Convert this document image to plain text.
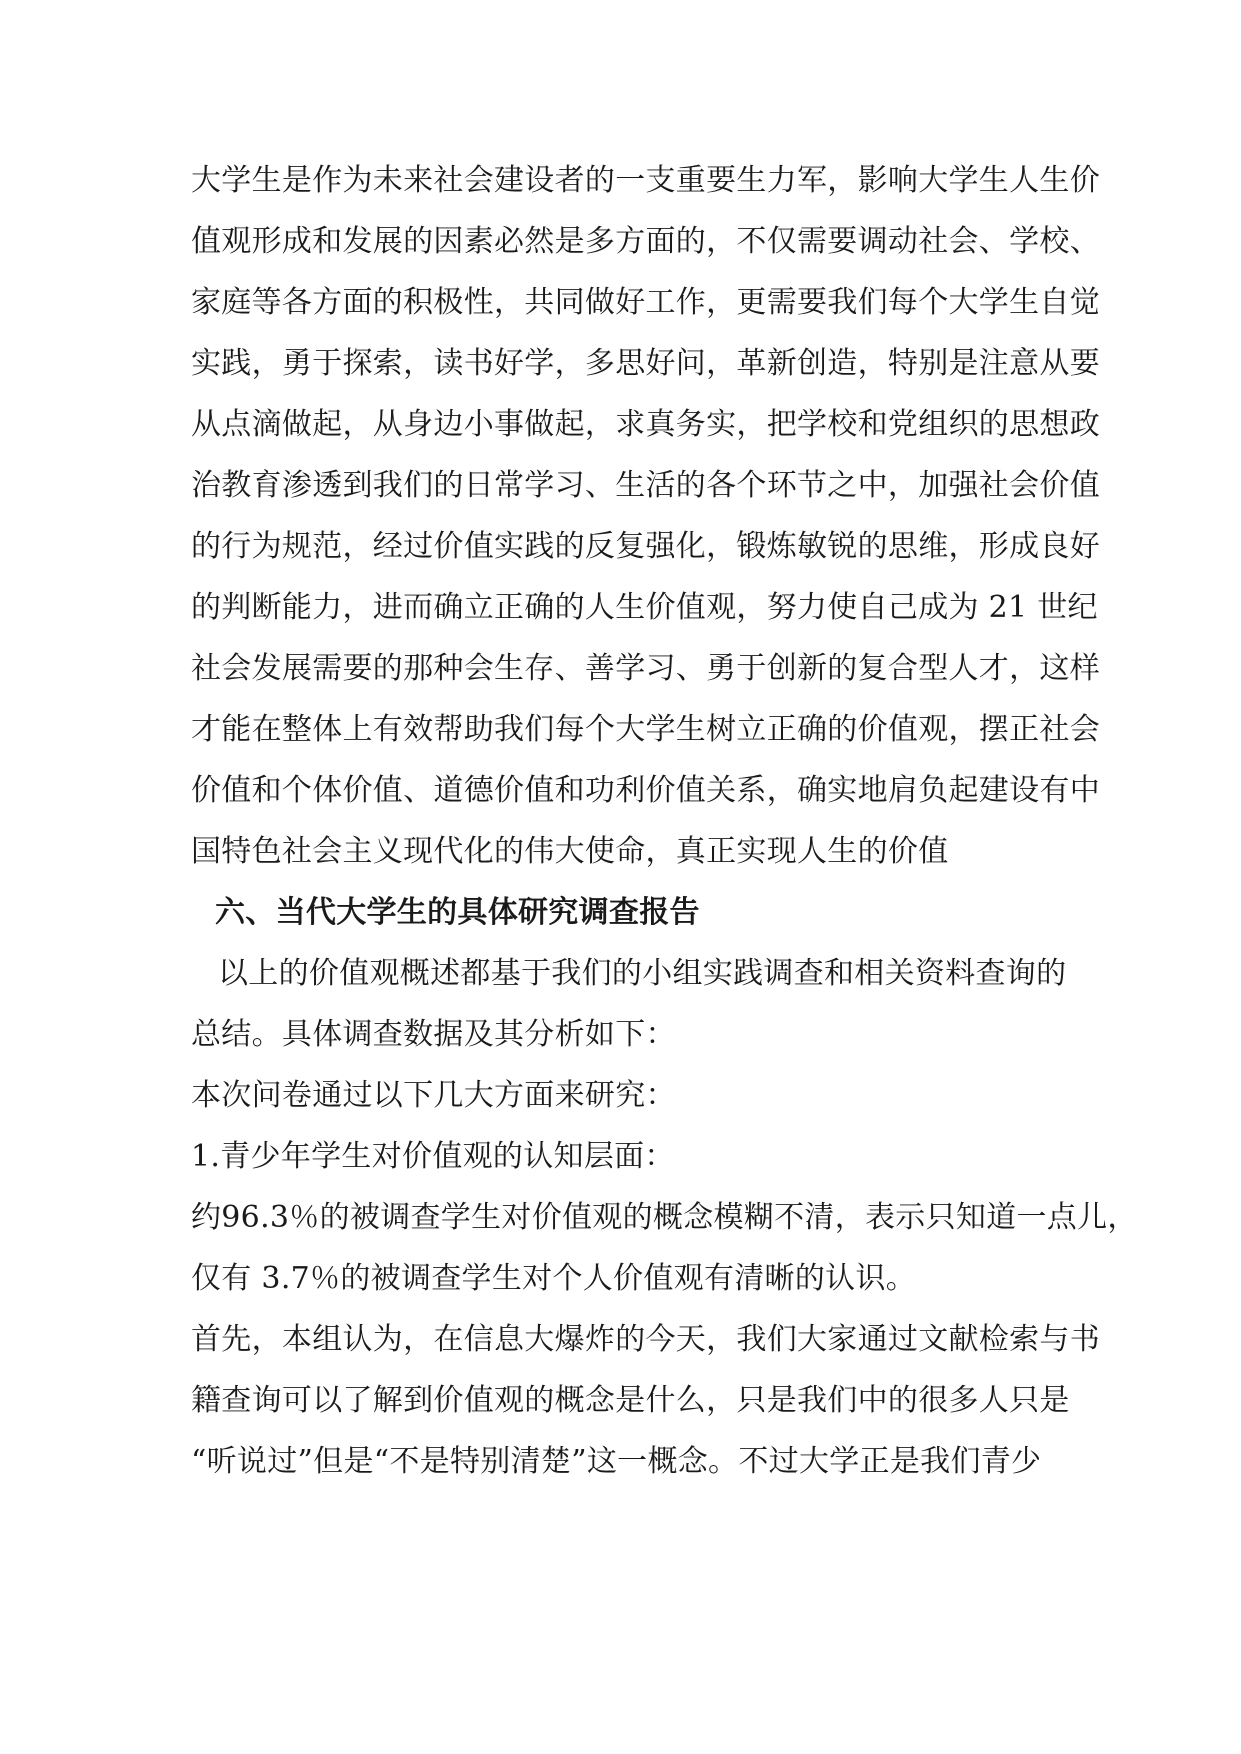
大学生是作为未来社会建设者的一支重要生力军，影响大学生人生价
值观形成和发展的因素必然是多方面的，不仅需要调动社会、学校、
家庭等各方面的积极性，共同做好工作，更需要我们每个大学生自觉
实践，勇于探索，读书好学，多思好问，革新创造，特别是注意从要
从点滴做起，从身边小事做起，求真务实，把学校和党组织的思想政
治教育渗透到我们的日常学习、生活的各个环节之中，加强社会价值
的行为规范，经过价值实践的反复强化，锻炼敏锐的思维，形成良好
的判断能力，进而确立正确的人生价值观，努力使自己成为 21 世纪
社会发展需要的那种会生存、善学习、勇于创新的复合型人才，这样
才能在整体上有效帮助我们每个大学生树立正确的价值观，摆正社会
价值和个体价值、道德价值和功利价值关系，确实地肩负起建设有中
国特色社会主义现代化的伟大使命，真正实现人生的价值
六、当代大学生的具体研究调查报告
以上的价值观概述都基于我们的小组实践调查和相关资料查询的
总结。具体调查数据及其分析如下：
本次问卷通过以下几大方面来研究：
1.青少年学生对价值观的认知层面：
约96.3％的被调查学生对价值观的概念模糊不清，表示只知道一点儿，
仅有 3.7％的被调查学生对个人价值观有清晰的认识。
首先，本组认为，在信息大爆炸的今天，我们大家通过文献检索与书
籍查询可以了解到价值观的概念是什么，只是我们中的很多人只是
“听说过”但是“不是特别清楚”这一概念。不过大学正是我们青少
